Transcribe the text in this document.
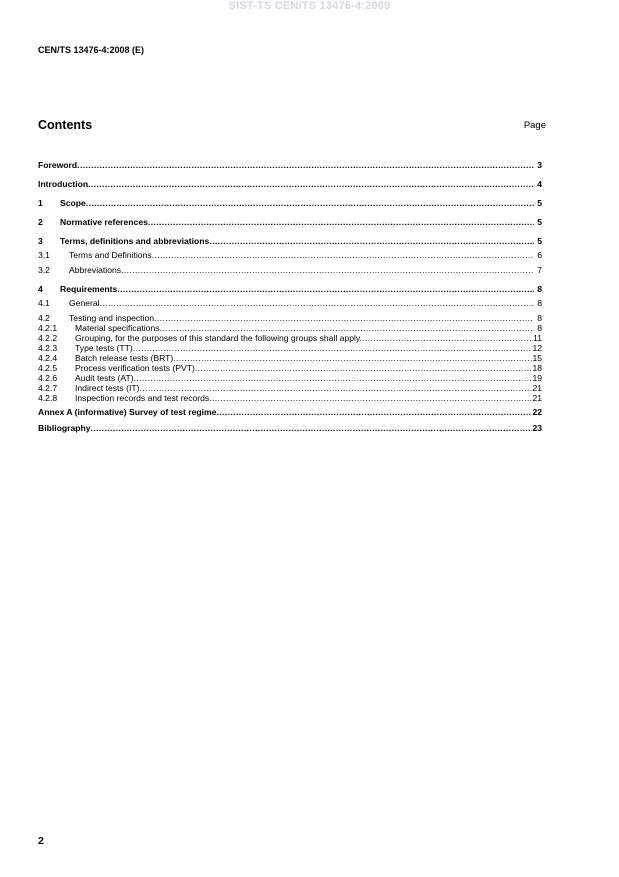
SIST-TS CEN/TS 13476-4:2009
CEN/TS 13476-4:2008 (E)
Contents	Page
Foreword .....	3
Introduction .....	4
1	Scope .....	5
2	Normative references .....	5
3	Terms, definitions and abbreviations .....	5
3.1	Terms and Definitions .....	6
3.2	Abbreviations .....	7
4	Requirements .....	8
4.1	General .....	8
4.2	Testing and inspection .....	8
4.2.1	Material specifications .....	8
4.2.2	Grouping, for the purposes of this standard the following groups shall apply. .....	11
4.2.3	Type tests (TT) .....	12
4.2.4	Batch release tests (BRT) .....	15
4.2.5	Process verification tests (PVT) .....	18
4.2.6	Audit tests (AT) .....	19
4.2.7	Indirect tests (IT) .....	21
4.2.8	Inspection records and test records .....	21
Annex A (informative) Survey of test regime .....	22
Bibliography .....	23
2
